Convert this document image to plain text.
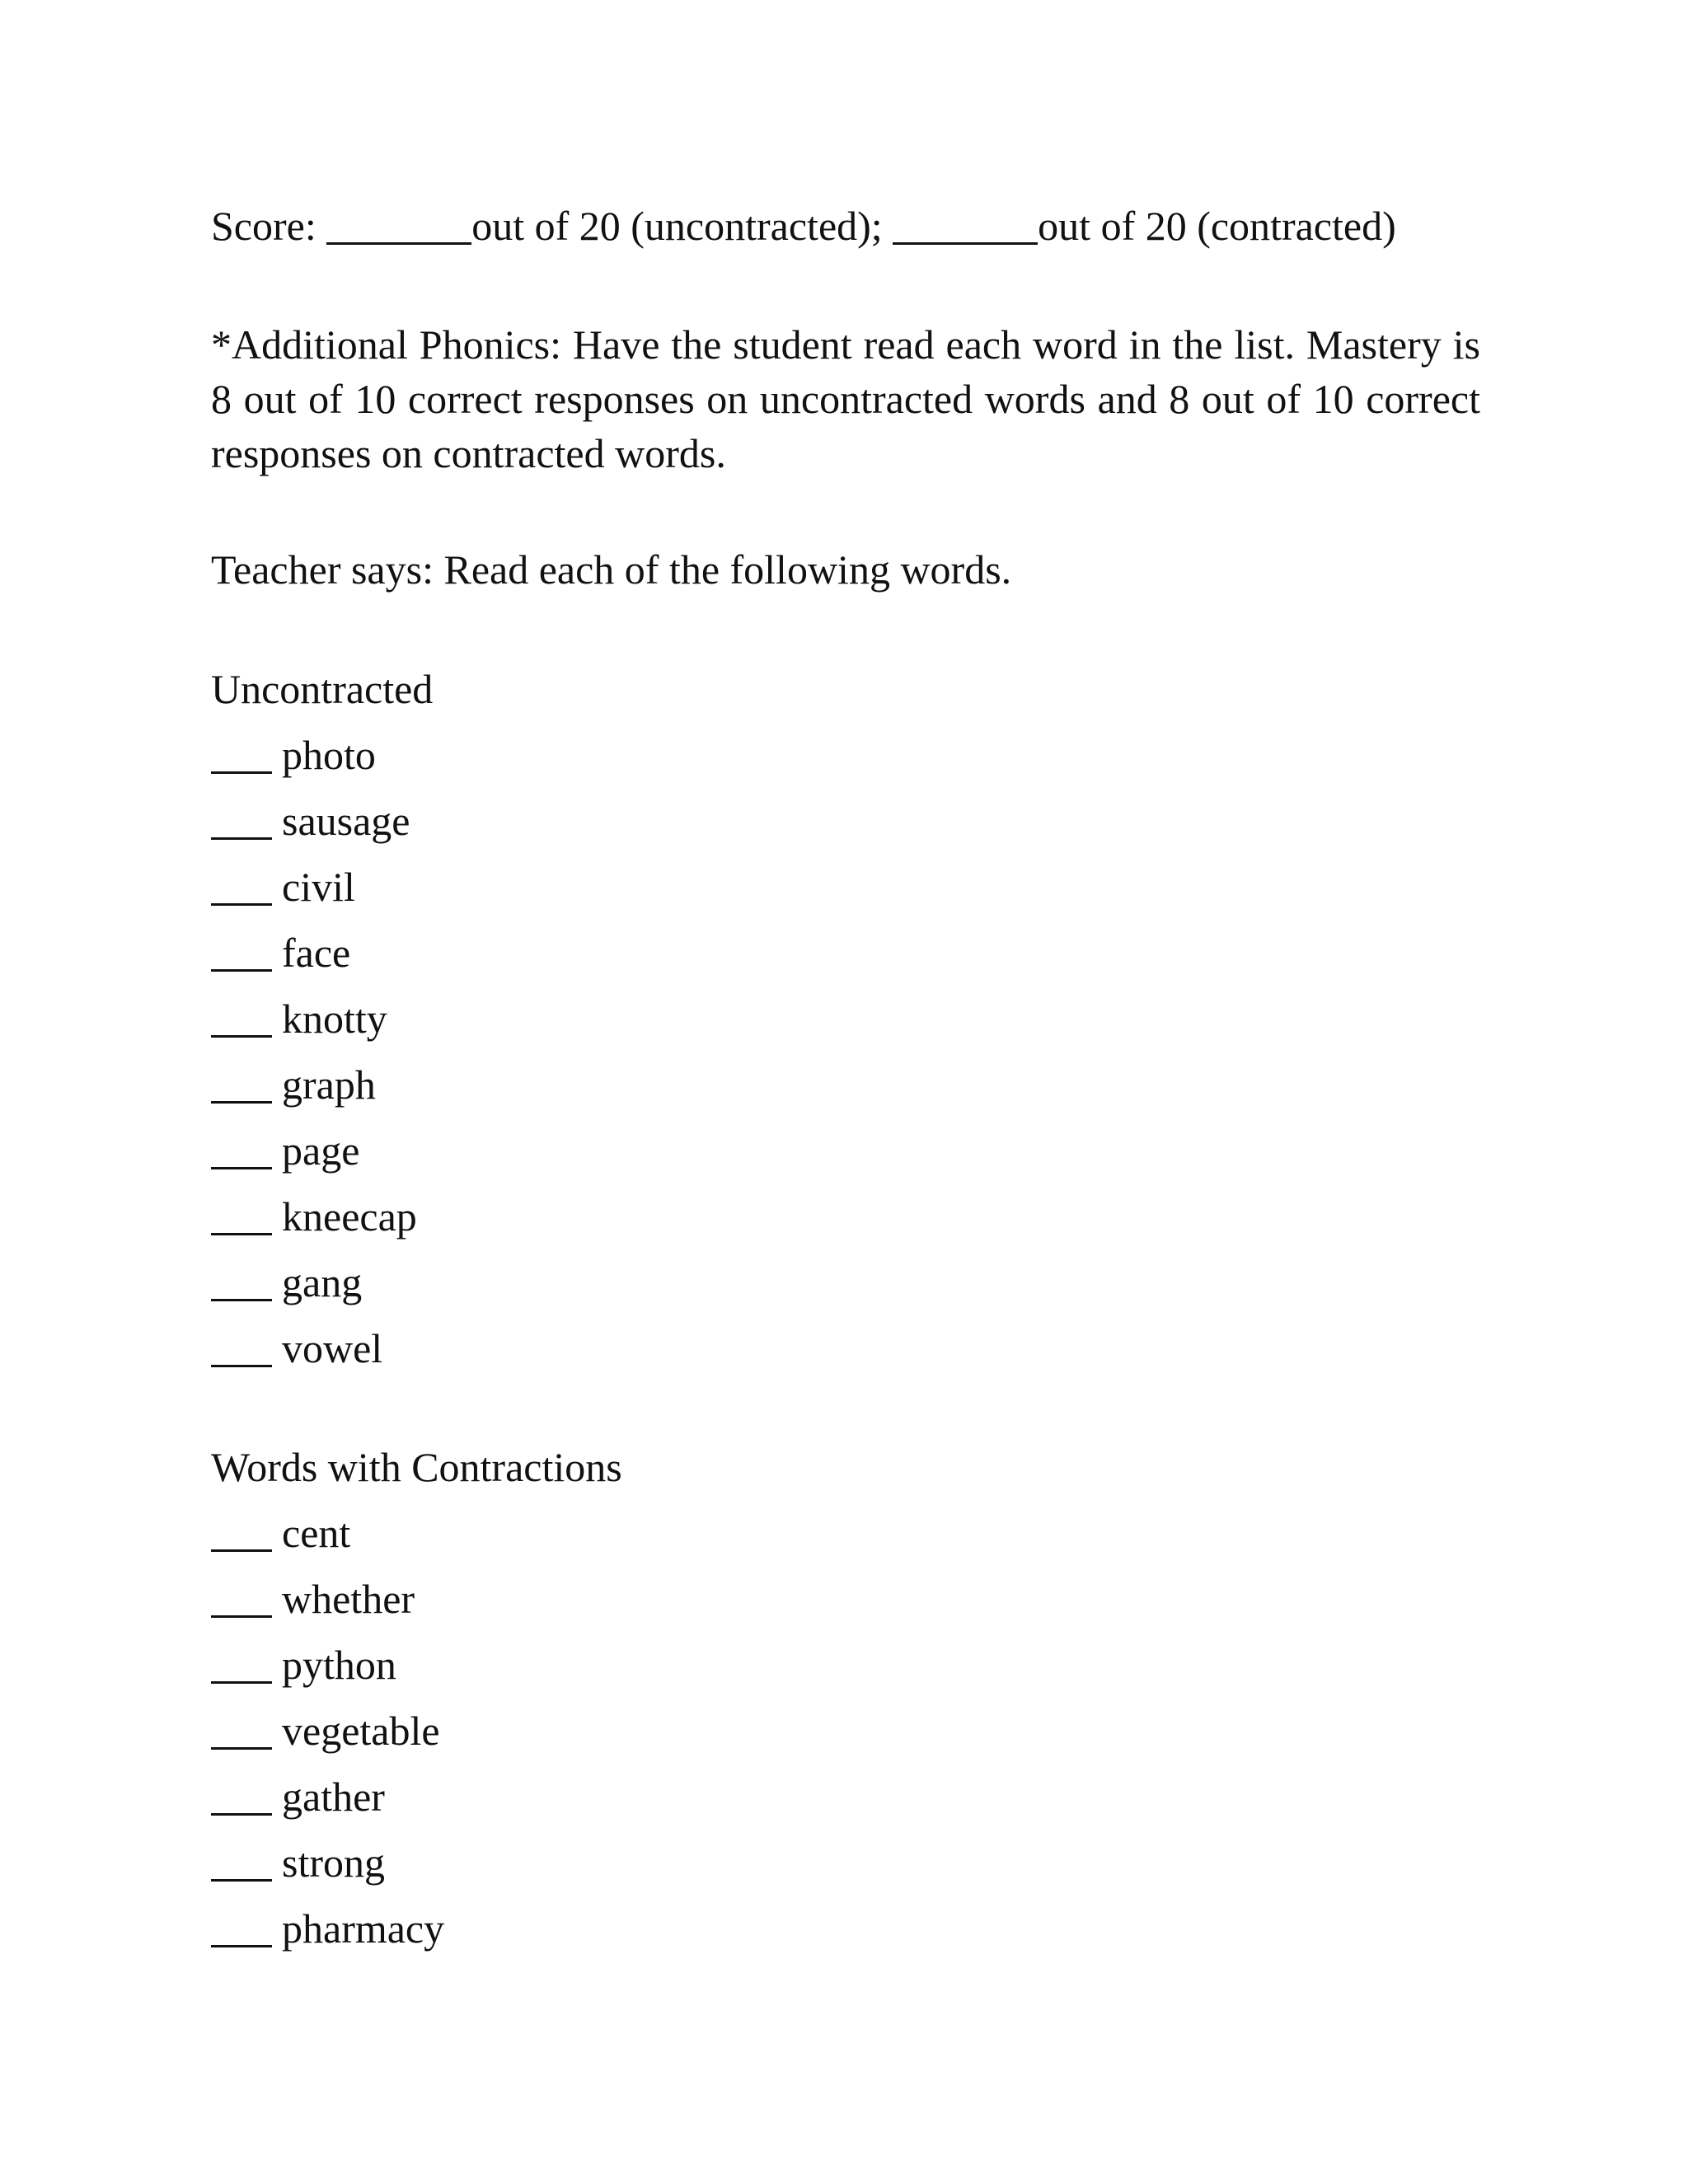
Score:	out of 20 (uncontracted);	out of 20 (contracted)
*Additional Phonics: Have the student read each word in the list. Mastery is 8 out of 10 correct responses on uncontracted words and 8 out of 10 correct responses on contracted words.
Teacher says: Read each of the following words.
Uncontracted
photo
sausage
civil
face
knotty
graph
page
kneecap
gang
vowel
Words with Contractions
cent
whether
python
vegetable
gather
strong
pharmacy
